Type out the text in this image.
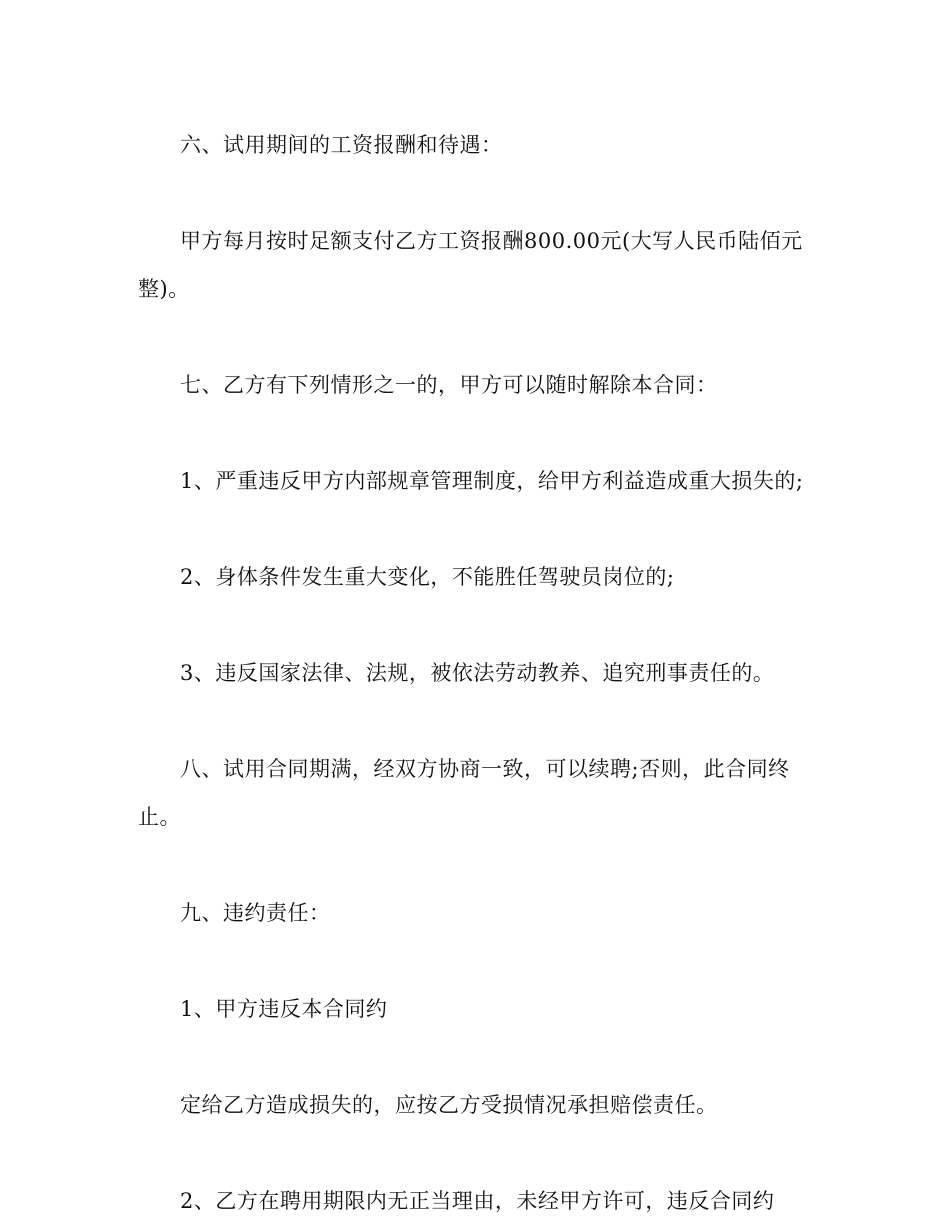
六、试用期间的工资报酬和待遇：

甲方每月按时足额支付乙方工资报酬800.00元(大写人民币陆佰元整)。

七、乙方有下列情形之一的，甲方可以随时解除本合同：

1、严重违反甲方内部规章管理制度，给甲方利益造成重大损失的;

2、身体条件发生重大变化，不能胜任驾驶员岗位的;

3、违反国家法律、法规，被依法劳动教养、追究刑事责任的。

八、试用合同期满，经双方协商一致，可以续聘;否则，此合同终止。

九、违约责任：

1、甲方违反本合同约

定给乙方造成损失的，应按乙方受损情况承担赔偿责任。

2、乙方在聘用期限内无正当理由，未经甲方许可，违反合同约
